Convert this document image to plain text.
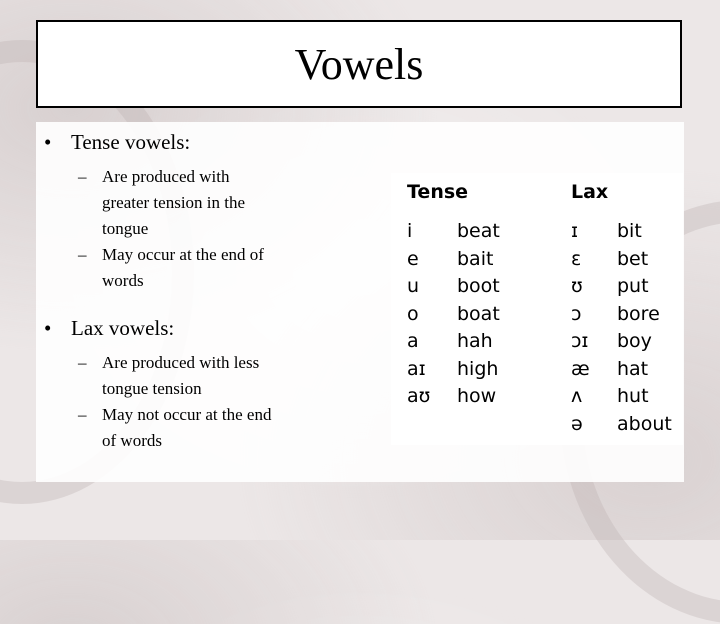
Vowels
• Tense vowels:
– Are produced with
greater tension in the
tongue
– May occur at the end of
words
• Lax vowels:
– Are produced with less
tongue tension
– May not occur at the end
of words
Tense	Lax
i
e
u
o
a
aɪ
aʊ
beat
bait
boot
boat
hah
high
how
ɪ
ɛ
ʊ
ɔ
ɔɪ
æ
ʌ
ə
bit
bet
put
bore
boy
hat
hut
about
